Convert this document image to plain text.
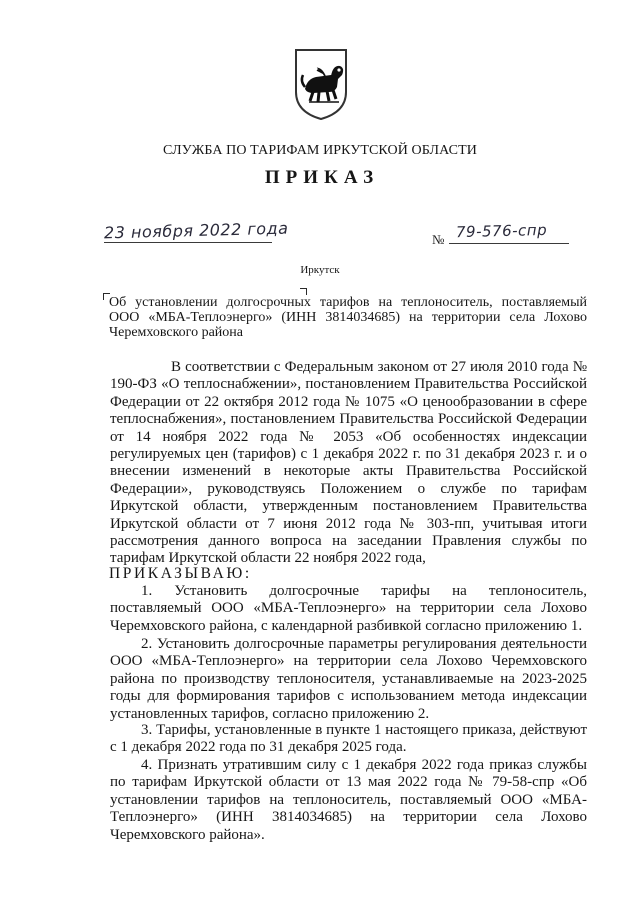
СЛУЖБА ПО ТАРИФАМ ИРКУТСКОЙ ОБЛАСТИ
ПРИКАЗ
23 ноября 2022 года	№ 79-576-спр
Иркутск
Об установлении долгосрочных тарифов на теплоноситель, поставляемый ООО «МБА-Теплоэнерго» (ИНН 3814034685) на территории села Лохово Черемховского района
В соответствии с Федеральным законом от 27 июля 2010 года № 190-ФЗ «О теплоснабжении», постановлением Правительства Российской Федерации от 22 октября 2012 года № 1075 «О ценообразовании в сфере теплоснабжения», постановлением Правительства Российской Федерации от 14 ноября 2022 года № 2053 «Об особенностях индексации регулируемых цен (тарифов) с 1 декабря 2022 г. по 31 декабря 2023 г. и о внесении изменений в некоторые акты Правительства Российской Федерации», руководствуясь Положением о службе по тарифам Иркутской области, утвержденным постановлением Правительства Иркутской области от 7 июня 2012 года № 303-пп, учитывая итоги рассмотрения данного вопроса на заседании Правления службы по тарифам Иркутской области 22 ноября 2022 года,
ПРИКАЗЫВАЮ:
1. Установить долгосрочные тарифы на теплоноситель, поставляемый ООО «МБА-Теплоэнерго» на территории села Лохово Черемховского района, с календарной разбивкой согласно приложению 1.
2. Установить долгосрочные параметры регулирования деятельности ООО «МБА-Теплоэнерго» на территории села Лохово Черемховского района по производству теплоносителя, устанавливаемые на 2023-2025 годы для формирования тарифов с использованием метода индексации установленных тарифов, согласно приложению 2.
3. Тарифы, установленные в пункте 1 настоящего приказа, действуют с 1 декабря 2022 года по 31 декабря 2025 года.
4. Признать утратившим силу с 1 декабря 2022 года приказ службы по тарифам Иркутской области от 13 мая 2022 года № 79-58-спр «Об установлении тарифов на теплоноситель, поставляемый ООО «МБА-Теплоэнерго» (ИНН 3814034685) на территории села Лохово Черемховского района».
